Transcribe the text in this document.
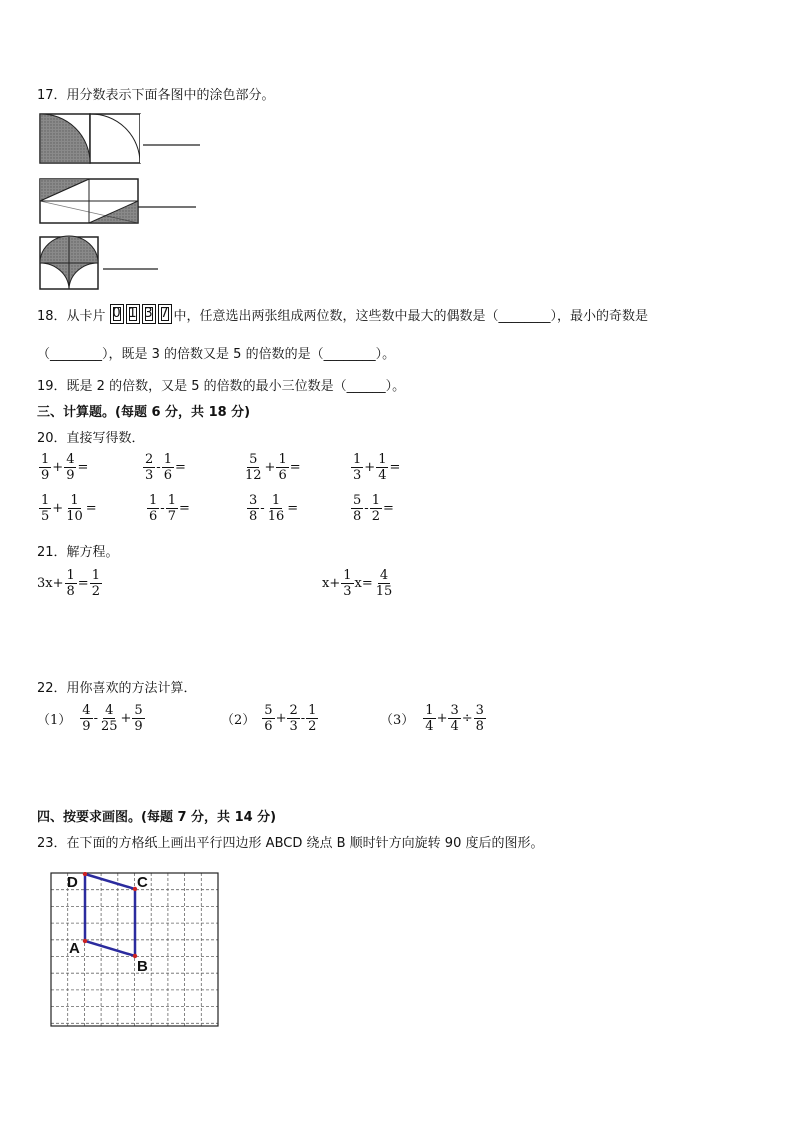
17．用分数表示下面各图中的涂色部分。
18．从卡片 0 1 3 7 中，任意选出两张组成两位数，这些数中最大的偶数是（________），最小的奇数是
（________），既是 3 的倍数又是 5 的倍数的是（________）。
19．既是 2 的倍数，又是 5 的倍数的最小三位数是（______）。
三、计算题。(每题 6 分，共 18 分)
20．直接写得数．
$\frac{1}{9} + \frac{4}{9}$ =	$\frac{2}{3} - \frac{1}{6}$ =	$\frac{5}{12} + \frac{1}{6}$ =	$\frac{1}{3} + \frac{1}{4}$ =
$\frac{1}{5} + \frac{1}{10}$ =	$\frac{1}{6} - \frac{1}{7}$ =	$\frac{3}{8} - \frac{1}{16}$ =	$\frac{5}{8} - \frac{1}{2}$ =
21．解方程。
$3x+ \frac{1}{8} = \frac{1}{2}$	$x+ \frac{1}{3} x= \frac{4}{15}$
22．用你喜欢的方法计算．
$(1) \frac{4}{9} - \frac{4}{25} + \frac{5}{9}$	$(2) \frac{5}{6} + \frac{2}{3} - \frac{1}{2}$	$(3) \frac{1}{4} + \frac{3}{4} \div \frac{3}{8}$
四、按要求画图。(每题 7 分，共 14 分)
23．在下面的方格纸上画出平行四边形 ABCD 绕点 B 顺时针方向旋转 90 度后的图形。
D	C
A
B
